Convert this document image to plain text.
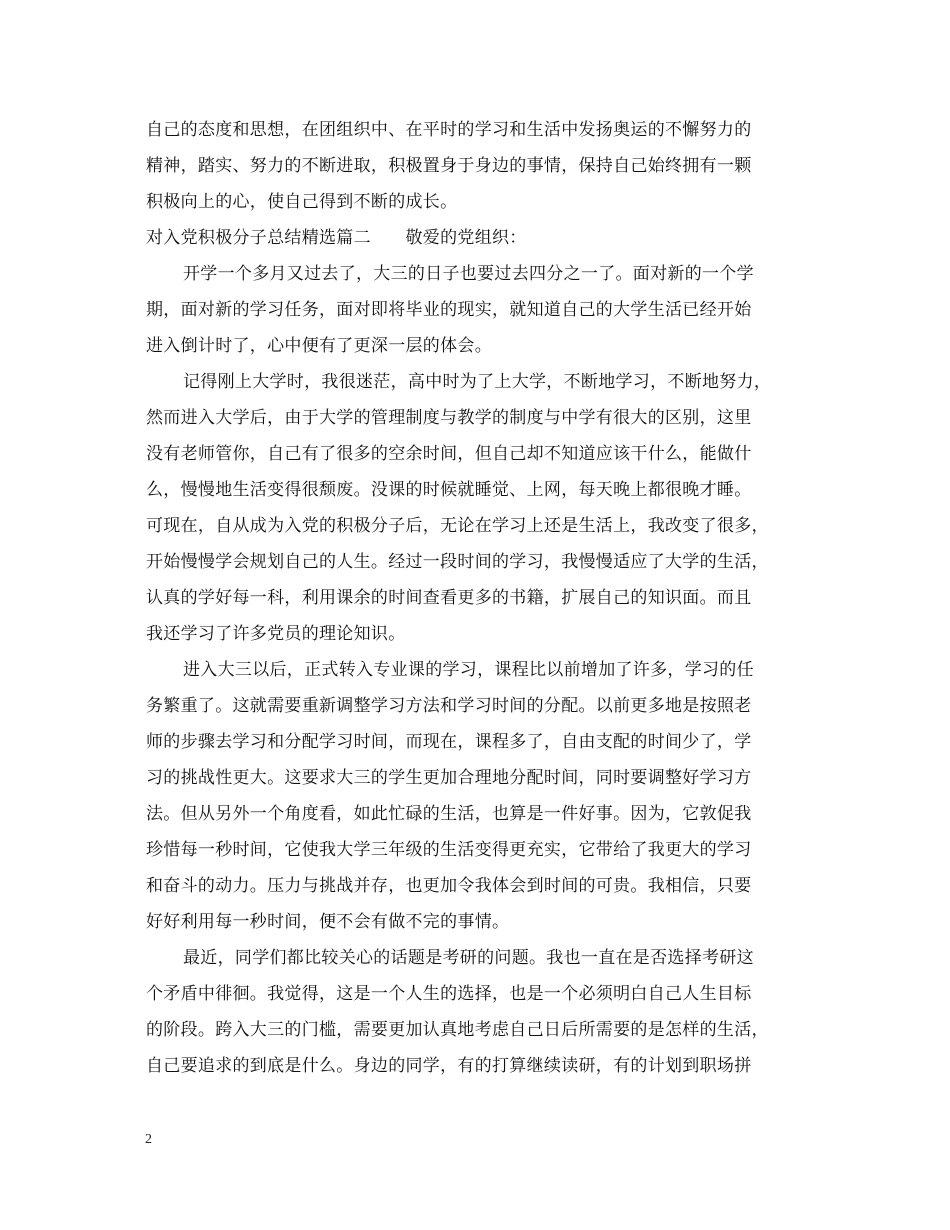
自己的态度和思想，在团组织中、在平时的学习和生活中发扬奥运的不懈努力的
精神，踏实、努力的不断进取，积极置身于身边的事情，保持自己始终拥有一颗
积极向上的心，使自己得到不断的成长。
对入党积极分子总结精选篇二　　敬爱的党组织：
开学一个多月又过去了，大三的日子也要过去四分之一了。面对新的一个学
期，面对新的学习任务，面对即将毕业的现实，就知道自己的大学生活已经开始
进入倒计时了，心中便有了更深一层的体会。
记得刚上大学时，我很迷茫，高中时为了上大学，不断地学习，不断地努力，
然而进入大学后，由于大学的管理制度与教学的制度与中学有很大的区别，这里
没有老师管你，自己有了很多的空余时间，但自己却不知道应该干什么，能做什
么，慢慢地生活变得很颓废。没课的时候就睡觉、上网，每天晚上都很晚才睡。
可现在，自从成为入党的积极分子后，无论在学习上还是生活上，我改变了很多，
开始慢慢学会规划自己的人生。经过一段时间的学习，我慢慢适应了大学的生活，
认真的学好每一科，利用课余的时间查看更多的书籍，扩展自己的知识面。而且
我还学习了许多党员的理论知识。
进入大三以后，正式转入专业课的学习，课程比以前增加了许多，学习的任
务繁重了。这就需要重新调整学习方法和学习时间的分配。以前更多地是按照老
师的步骤去学习和分配学习时间，而现在，课程多了，自由支配的时间少了，学
习的挑战性更大。这要求大三的学生更加合理地分配时间，同时要调整好学习方
法。但从另外一个角度看，如此忙碌的生活，也算是一件好事。因为，它敦促我
珍惜每一秒时间，它使我大学三年级的生活变得更充实，它带给了我更大的学习
和奋斗的动力。压力与挑战并存，也更加令我体会到时间的可贵。我相信，只要
好好利用每一秒时间，便不会有做不完的事情。
最近，同学们都比较关心的话题是考研的问题。我也一直在是否选择考研这
个矛盾中徘徊。我觉得，这是一个人生的选择，也是一个必须明白自己人生目标
的阶段。跨入大三的门槛，需要更加认真地考虑自己日后所需要的是怎样的生活，
自己要追求的到底是什么。身边的同学，有的打算继续读研，有的计划到职场拼
2
